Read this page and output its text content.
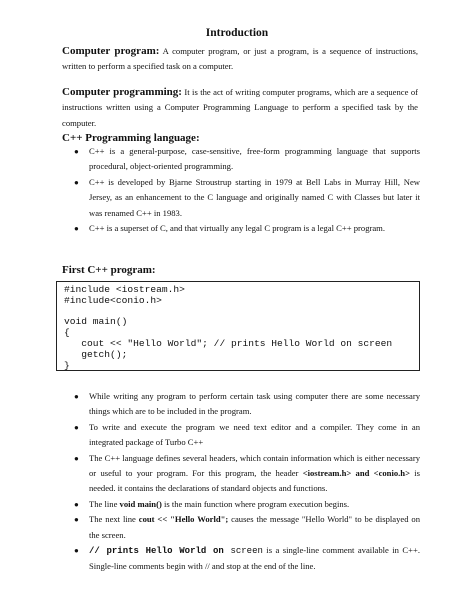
Introduction
Computer program: A computer program, or just a program, is a sequence of instructions, written to perform a specified task on a computer.
Computer programming: It is the act of writing computer programs, which are a sequence of instructions written using a Computer Programming Language to perform a specified task by the computer.
C++ Programming language:
● C++ is a general-purpose, case-sensitive, free-form programming language that supports procedural, object-oriented programming.
● C++ is developed by Bjarne Stroustrup starting in 1979 at Bell Labs in Murray Hill, New Jersey, as an enhancement to the C language and originally named C with Classes but later it was renamed C++ in 1983.
● C++ is a superset of C, and that virtually any legal C program is a legal C++ program.
First C++ program:
#include <iostream.h>
#include<conio.h>
void main()
{
cout << "Hello World"; // prints Hello World on screen
getch();
}
● While writing any program to perform certain task using computer there are some necessary things which are to be included in the program.
● To write and execute the program we need text editor and a compiler. They come in an integrated package of Turbo C++
● The C++ language defines several headers, which contain information which is either necessary or useful to your program. For this program, the header <iostream.h> and <conio.h> is needed. it contains the declarations of standard objects and functions.
● The line void main() is the main function where program execution begins.
● The next line cout << "Hello World"; causes the message "Hello World" to be displayed on the screen.
● // prints Hello World on screen is a single-line comment available in C++. Single-line comments begin with // and stop at the end of the line.
